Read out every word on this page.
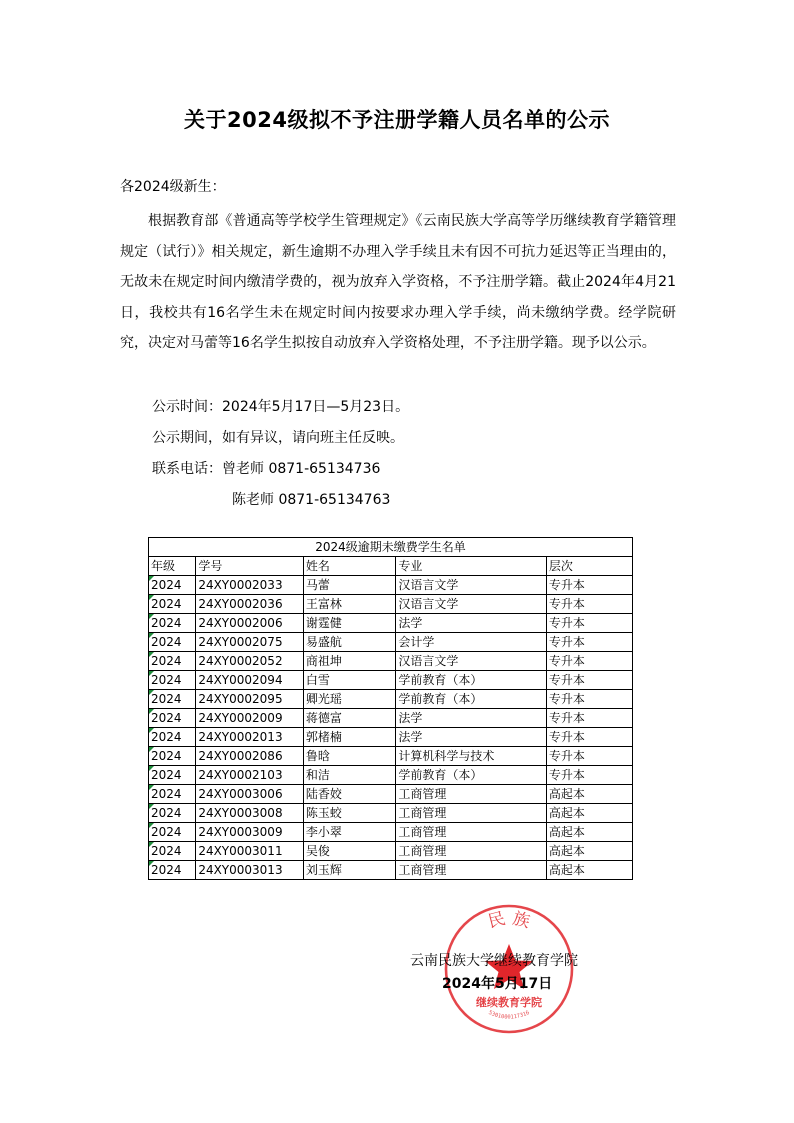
关于2024级拟不予注册学籍人员名单的公示
各2024级新生：

根据教育部《普通高等学校学生管理规定》《云南民族大学高等学历继续教育学籍管理规定（试行）》相关规定，新生逾期不办理入学手续且未有因不可抗力延迟等正当理由的，无故未在规定时间内缴清学费的，视为放弃入学资格，不予注册学籍。截止2024年4月21日，我校共有16名学生未在规定时间内按要求办理入学手续，尚未缴纳学费。经学院研究，决定对马蕾等16名学生拟按自动放弃入学资格处理，不予注册学籍。现予以公示。

公示时间：2024年5月17日—5月23日。
公示期间，如有异议，请向班主任反映。
联系电话：曾老师 0871-65134736
陈老师 0871-65134763
2024级逾期未缴费学生名单				
年级	学号	姓名	专业	层次
2024	24XY0002033	马蕾	汉语言文学	专升本
2024	24XY0002036	王富林	汉语言文学	专升本
2024	24XY0002006	谢霆健	法学	专升本
2024	24XY0002075	易盛航	会计学	专升本
2024	24XY0002052	商祖坤	汉语言文学	专升本
2024	24XY0002094	白雪	学前教育（本）	专升本
2024	24XY0002095	卿光瑶	学前教育（本）	专升本
2024	24XY0002009	蒋德富	法学	专升本
2024	24XY0002013	郭楮楠	法学	专升本
2024	24XY0002086	鲁晗	计算机科学与技术	专升本
2024	24XY0002103	和洁	学前教育（本）	专升本
2024	24XY0003006	陆香姣	工商管理	高起本
2024	24XY0003008	陈玉蛟	工商管理	高起本
2024	24XY0003009	李小翠	工商管理	高起本
2024	24XY0003011	吴俊	工商管理	高起本
2024	24XY0003013	刘玉辉	工商管理	高起本
民 族
继续教育学院
5301000117316
云南民族大学继续教育学院
2024年5月17日
